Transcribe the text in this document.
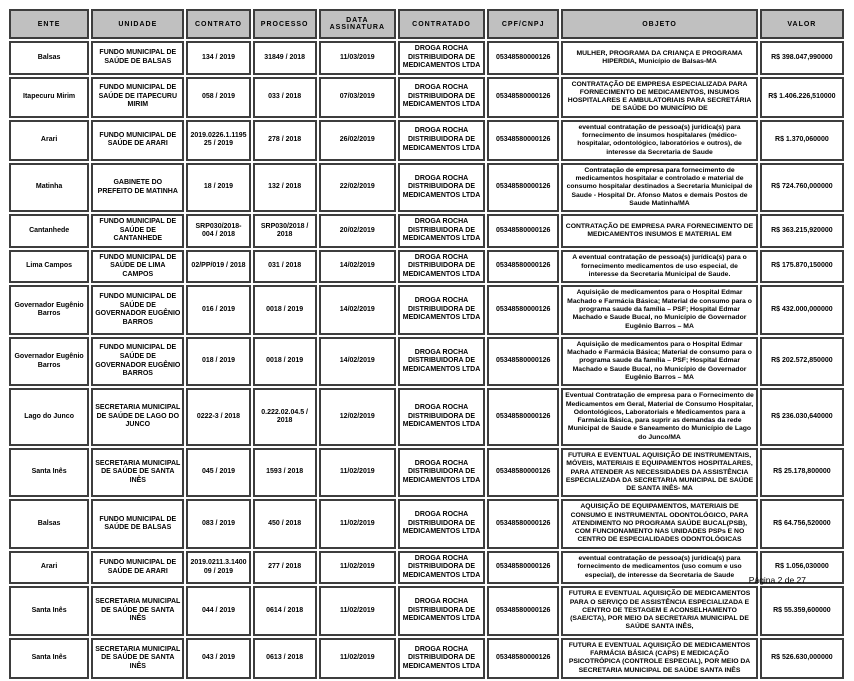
ENTE	UNIDADE	CONTRATO	PROCESSO	DATA ASSINATURA	CONTRATADO	CPF/CNPJ	OBJETO	VALOR
Balsas	FUNDO MUNICIPAL DE SAÚDE DE BALSAS	134 / 2019	31849 / 2018	11/03/2019	DROGA ROCHA DISTRIBUIDORA DE MEDICAMENTOS LTDA	05348580000126	MULHER, PROGRAMA DA CRIANÇA E PROGRAMA HIPERDIA, Município de Balsas-MA	R$ 398.047,990000
Itapecuru Mirim	FUNDO MUNICIPAL DE SAÚDE DE ITAPECURU MIRIM	058 / 2019	033 / 2018	07/03/2019	DROGA ROCHA DISTRIBUIDORA DE MEDICAMENTOS LTDA	05348580000126	CONTRATAÇÃO DE EMPRESA ESPECIALIZADA PARA FORNECIMENTO DE MEDICAMENTOS, INSUMOS HOSPITALARES E AMBULATORIAIS PARA SECRETÁRIA DE SAÚDE DO MUNICÍPIO DE	R$ 1.406.226,510000
Arari	FUNDO MUNICIPAL DE SAÚDE DE ARARI	2019.0226.1.1195 25 / 2019	278 / 2018	26/02/2019	DROGA ROCHA DISTRIBUIDORA DE MEDICAMENTOS LTDA	05348580000126	eventual contratação de pessoa(s) jurídica(s) para fornecimento de insumos hospitalares (médico-hospitalar, odontológico, laboratórios e outros), de interesse da Secretaria de Saude	R$ 1.370,060000
Matinha	GABINETE DO PREFEITO DE MATINHA	18 / 2019	132 / 2018	22/02/2019	DROGA ROCHA DISTRIBUIDORA DE MEDICAMENTOS LTDA	05348580000126	Contratação de empresa para fornecimento de medicamentos hospitalar e controlado e material de consumo hospitalar destinados a Secretaria Municipal de Saude - Hospital Dr. Afonso Matos e demais Postos de Saude Matinha/MA	R$ 724.760,000000
Cantanhede	FUNDO MUNICIPAL DE SAÚDE DE CANTANHEDE	SRP030/2018-004 / 2018	SRP030/2018 / 2018	20/02/2019	DROGA ROCHA DISTRIBUIDORA DE MEDICAMENTOS LTDA	05348580000126	CONTRATAÇÃO DE EMPRESA PARA FORNECIMENTO DE MEDICAMENTOS INSUMOS E MATERIAL EM	R$ 363.215,920000
Lima Campos	FUNDO MUNICIPAL DE SAÚDE DE LIMA CAMPOS	02/PP/019 / 2018	031 / 2018	14/02/2019	DROGA ROCHA DISTRIBUIDORA DE MEDICAMENTOS LTDA	05348580000126	A eventual contratação de pessoa(s) jurídica(s) para o fornecimento medicamentos de uso especial, de interesse da Secretaria Municipal de Saude.	R$ 175.870,150000
Governador Eugênio Barros	FUNDO MUNICIPAL DE SAÚDE DE GOVERNADOR EUGÊNIO BARROS	016 / 2019	0018 / 2019	14/02/2019	DROGA ROCHA DISTRIBUIDORA DE MEDICAMENTOS LTDA	05348580000126	Aquisição de medicamentos para o Hospital Edmar Machado e Farmácia Básica; Material de consumo para o programa saude da família – PSF; Hospital Edmar Machado e Saude Bucal, no Município de Governador Eugênio Barros – MA	R$ 432.000,000000
Governador Eugênio Barros	FUNDO MUNICIPAL DE SAÚDE DE GOVERNADOR EUGÊNIO BARROS	018 / 2019	0018 / 2019	14/02/2019	DROGA ROCHA DISTRIBUIDORA DE MEDICAMENTOS LTDA	05348580000126	Aquisição de medicamentos para o Hospital Edmar Machado e Farmácia Básica; Material de consumo para o programa saude da família – PSF; Hospital Edmar Machado e Saude Bucal, no Município de Governador Eugênio Barros – MA	R$ 202.572,850000
Lago do Junco	SECRETARIA MUNICIPAL DE SAÚDE DE LAGO DO JUNCO	0222-3 / 2018	0.222.02.04.5 / 2018	12/02/2019	DROGA ROCHA DISTRIBUIDORA DE MEDICAMENTOS LTDA	05348580000126	Eventual Contratação de empresa para o Fornecimento de Medicamentos em Geral, Material de Consumo Hospitalar, Odontológicos, Laboratoriais e Medicamentos para a Farmácia Básica, para suprir as demandas da rede Municipal de Saude e Saneamento do Município de Lago do Junco/MA	R$ 236.030,640000
Santa Inês	SECRETARIA MUNICIPAL DE SAÚDE DE SANTA INÊS	045 / 2019	1593 / 2018	11/02/2019	DROGA ROCHA DISTRIBUIDORA DE MEDICAMENTOS LTDA	05348580000126	FUTURA E EVENTUAL AQUISIÇÃO DE INSTRUMENTAIS, MÓVEIS, MATERIAIS E EQUIPAMENTOS HOSPITALARES, PARA ATENDER AS NECESSIDADES DA ASSISTÊNCIA ESPECIALIZADA DA SECRETARIA MUNICIPAL DE SAÚDE DE SANTA INÊS- MA	R$ 25.178,800000
Balsas	FUNDO MUNICIPAL DE SAÚDE DE BALSAS	083 / 2019	450 / 2018	11/02/2019	DROGA ROCHA DISTRIBUIDORA DE MEDICAMENTOS LTDA	05348580000126	AQUISIÇÃO DE EQUIPAMENTOS, MATERIAIS DE CONSUMO E INSTRUMENTAL ODONTOLÓGICO, PARA ATENDIMENTO NO PROGRAMA SAÚDE BUCAL(PSB), COM FUNCIONAMENTO NAS UNIDADES PSPs E NO CENTRO DE ESPECIALIDADES ODONTOLÓGICAS	R$ 64.756,520000
Arari	FUNDO MUNICIPAL DE SAÚDE DE ARARI	2019.0211.3.1400 09 / 2019	277 / 2018	11/02/2019	DROGA ROCHA DISTRIBUIDORA DE MEDICAMENTOS LTDA	05348580000126	eventual contratação de pessoa(s) jurídica(s) para fornecimento de medicamentos (uso comum e uso especial), de interesse da Secretaria de Saude	R$ 1.056,030000
Santa Inês	SECRETARIA MUNICIPAL DE SAÚDE DE SANTA INÊS	044 / 2019	0614 / 2018	11/02/2019	DROGA ROCHA DISTRIBUIDORA DE MEDICAMENTOS LTDA	05348580000126	FUTURA E EVENTUAL AQUISIÇÃO DE MEDICAMENTOS PARA O SERVIÇO DE ASSISTÊNCIA ESPECIALIZADA E CENTRO DE TESTAGEM E ACONSELHAMENTO (SAE/CTA), POR MEIO DA SECRETARIA MUNICIPAL DE SAÚDE SANTA INÊS,	R$ 55.359,600000
Santa Inês	SECRETARIA MUNICIPAL DE SAÚDE DE SANTA INÊS	043 / 2019	0613 / 2018	11/02/2019	DROGA ROCHA DISTRIBUIDORA DE MEDICAMENTOS LTDA	05348580000126	FUTURA E EVENTUAL AQUISIÇÃO DE MEDICAMENTOS FARMÁCIA BÁSICA (CAPS) E MEDICAÇÃO PSICOTRÓPICA (CONTROLE ESPECIAL), POR MEIO DA SECRETARIA MUNICIPAL DE SAÚDE SANTA INÊS	R$ 526.630,000000
Página 2 de 27
